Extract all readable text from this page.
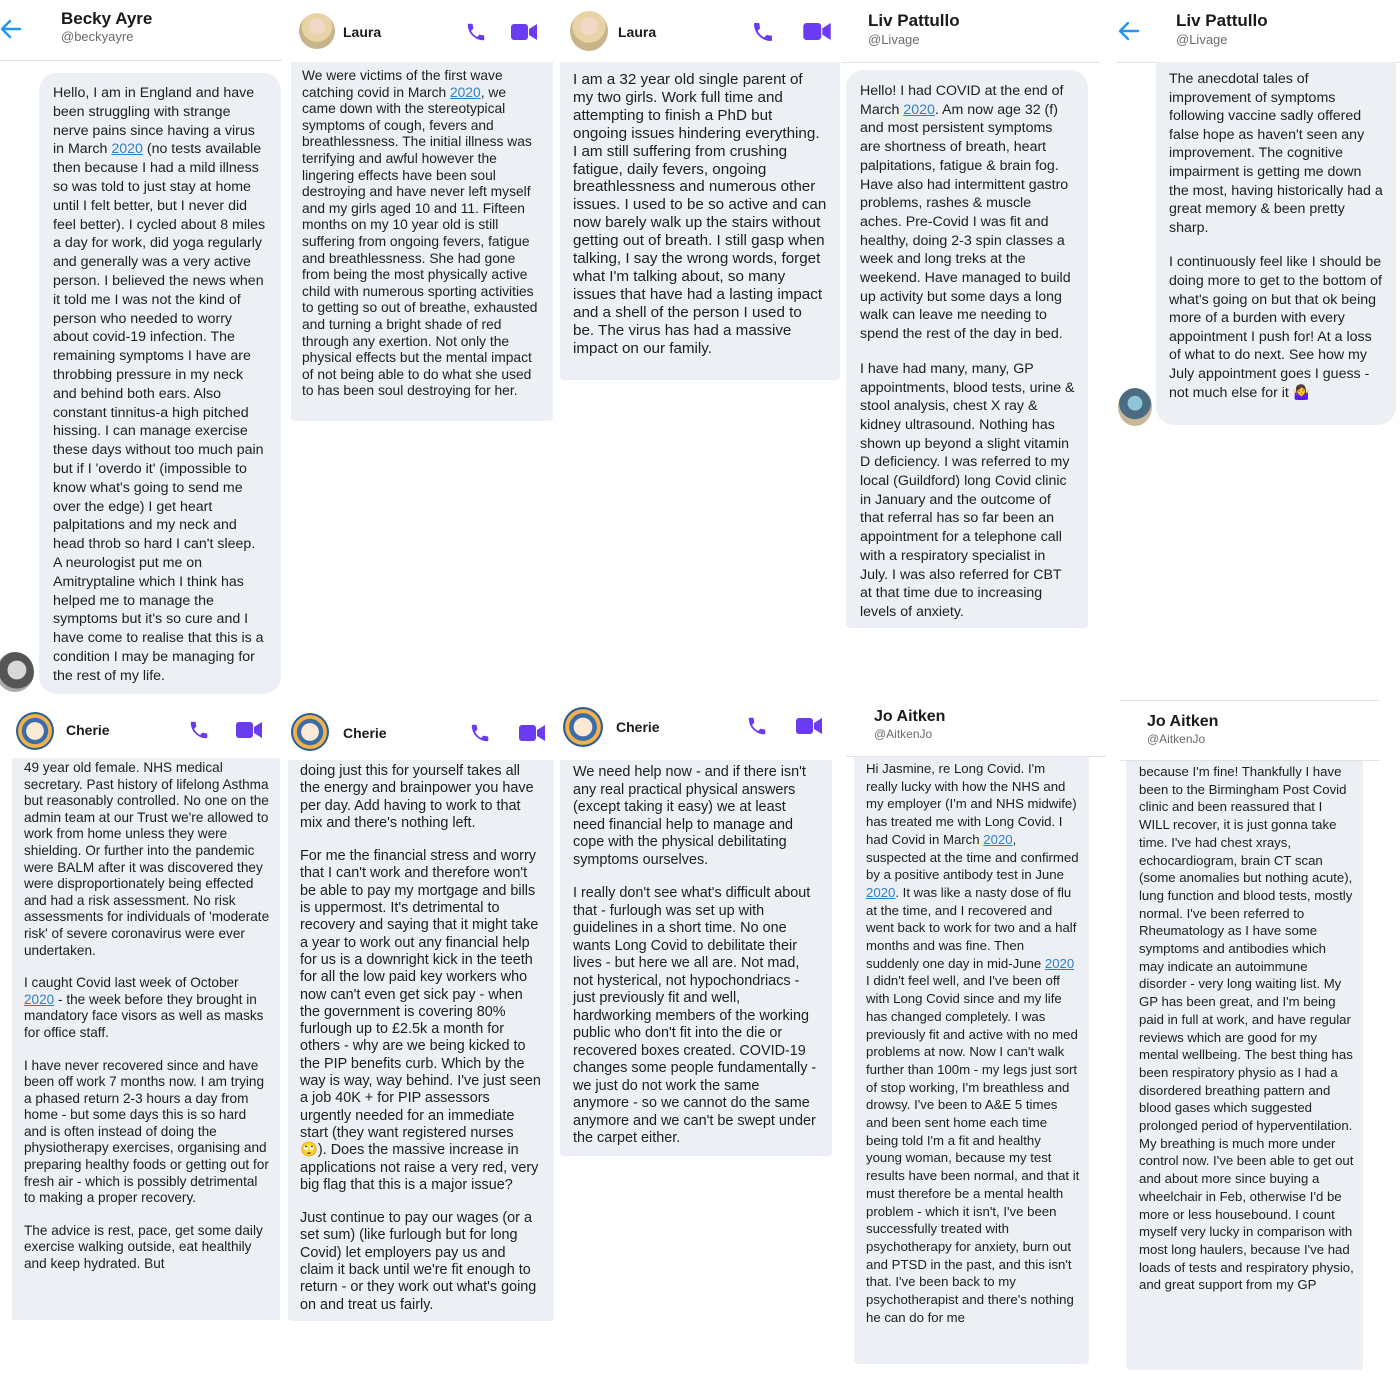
Becky Ayre
@beckyayre

Hello, I am in England and have been struggling with strange nerve pains since having a virus in March 2020 (no tests available then because I had a mild illness so was told to just stay at home until I felt better, but I never did feel better). I cycled about 8 miles a day for work, did yoga regularly and generally was a very active person. I believed the news when it told me I was not the kind of person who needed to worry about covid-19 infection. The remaining symptoms I have are throbbing pressure in my neck and behind both ears. Also constant tinnitus-a high pitched hissing. I can manage exercise these days without too much pain but if I 'overdo it' (impossible to know what's going to send me over the edge) I get heart palpitations and my neck and head throb so hard I can't sleep. A neurologist put me on Amitryptaline which I think has helped me to manage the symptoms but it's so cure and I have come to realise that this is a condition I may be managing for the rest of my life.

Laura

We were victims of the first wave catching covid in March 2020, we came down with the stereotypical symptoms of cough, fevers and breathlessness. The initial illness was terrifying and awful however the lingering effects have been soul destroying and have never left myself and my girls aged 10 and 11. Fifteen months on my 10 year old is still suffering from ongoing fevers, fatigue and breathlessness. She had gone from being the most physically active child with numerous sporting activities to getting so out of breathe, exhausted and turning a bright shade of red through any exertion. Not only the physical effects but the mental impact of not being able to do what she used to has been soul destroying for her.

Laura

I am a 32 year old single parent of my two girls. Work full time and attempting to finish a PhD but ongoing issues hindering everything. I am still suffering from crushing fatigue, daily fevers, ongoing breathlessness and numerous other issues. I used to be so active and can now barely walk up the stairs without getting out of breath. I still gasp when talking, I say the wrong words, forget what I'm talking about, so many issues that have had a lasting impact and a shell of the person I used to be. The virus has had a massive impact on our family.

Liv Pattullo
@Livage

Hello! I had COVID at the end of March 2020. Am now age 32 (f) and most persistent symptoms are shortness of breath, heart palpitations, fatigue & brain fog. Have also had intermittent gastro problems, rashes & muscle aches. Pre-Covid I was fit and healthy, doing 2-3 spin classes a week and long treks at the weekend. Have managed to build up activity but some days a long walk can leave me needing to spend the rest of the day in bed.

I have had many, many, GP appointments, blood tests, urine & stool analysis, chest X ray & kidney ultrasound. Nothing has shown up beyond a slight vitamin D deficiency. I was referred to my local (Guildford) long Covid clinic in January and the outcome of that referral has so far been an appointment for a telephone call with a respiratory specialist in July. I was also referred for CBT at that time due to increasing levels of anxiety.

Liv Pattullo
@Livage

The anecdotal tales of improvement of symptoms following vaccine sadly offered false hope as haven't seen any improvement. The cognitive impairment is getting me down the most, having historically had a great memory & been pretty sharp.

I continuously feel like I should be doing more to get to the bottom of what's going on but that ok being more of a burden with every appointment I push for! At a loss of what to do next. See how my July appointment goes I guess - not much else for it 🤷‍♀️

Cherie

49 year old female. NHS medical secretary. Past history of lifelong Asthma but reasonably controlled. No one on the admin team at our Trust we're allowed to work from home unless they were shielding. Or further into the pandemic were BALM after it was discovered they were disproportionately being effected and had a risk assessment. No risk assessments for individuals of 'moderate risk' of severe coronavirus were ever undertaken.

I caught Covid last week of October 2020 - the week before they brought in mandatory face visors as well as masks for office staff.

I have never recovered since and have been off work 7 months now. I am trying a phased return 2-3 hours a day from home - but some days this is so hard and is often instead of doing the physiotherapy exercises, organising and preparing healthy foods or getting out for fresh air - which is possibly detrimental to making a proper recovery.

The advice is rest, pace, get some daily exercise walking outside, eat healthily and keep hydrated. But

Cherie

doing just this for yourself takes all the energy and brainpower you have per day. Add having to work to that mix and there's nothing left.

For me the financial stress and worry that I can't work and therefore won't be able to pay my mortgage and bills is uppermost. It's detrimental to recovery and saying that it might take a year to work out any financial help for us is a downright kick in the teeth for all the low paid key workers who now can't even get sick pay - when the government is covering 80% furlough up to £2.5k a month for others - why are we being kicked to the PIP benefits curb. Which by the way is way, way behind. I've just seen a job 40K + for PIP assessors urgently needed for an immediate start (they want registered nurses 🙄). Does the massive increase in applications not raise a very red, very big flag that this is a major issue?

Just continue to pay our wages (or a set sum) (like furlough but for long Covid) let employers pay us and claim it back until we're fit enough to return - or they work out what's going on and treat us fairly.

Cherie

We need help now - and if there isn't any real practical physical answers (except taking it easy) we at least need financial help to manage and cope with the physical debilitating symptoms ourselves.

I really don't see what's difficult about that - furlough was set up with guidelines in a short time. No one wants Long Covid to debilitate their lives - but here we all are. Not mad, not hysterical, not hypochondriacs - just previously fit and well, hardworking members of the working public who don't fit into the die or recovered boxes created. COVID-19 changes some people fundamentally - we just do not work the same anymore - so we cannot do the same anymore and we can't be swept under the carpet either.

Jo Aitken
@AitkenJo

Hi Jasmine, re Long Covid. I'm really lucky with how the NHS and my employer (I'm and NHS midwife) has treated me with Long Covid. I had Covid in March 2020, suspected at the time and confirmed by a positive antibody test in June 2020. It was like a nasty dose of flu at the time, and I recovered and went back to work for two and a half months and was fine. Then suddenly one day in mid-June 2020 I didn't feel well, and I've been off with Long Covid since and my life has changed completely. I was previously fit and active with no med problems at now. Now I can't walk further than 100m - my legs just sort of stop working, I'm breathless and drowsy. I've been to A&E 5 times and been sent home each time being told I'm a fit and healthy young woman, because my test results have been normal, and that it must therefore be a mental health problem - which it isn't, I've been successfully treated with psychotherapy for anxiety, burn out and PTSD in the past, and this isn't that. I've been back to my psychotherapist and there's nothing he can do for me

Jo Aitken
@AitkenJo

because I'm fine! Thankfully I have been to the Birmingham Post Covid clinic and been reassured that I WILL recover, it is just gonna take time. I've had chest xrays, echocardiogram, brain CT scan (some anomalies but nothing acute), lung function and blood tests, mostly normal. I've been referred to Rheumatology as I have some symptoms and antibodies which may indicate an autoimmune disorder - very long waiting list. My GP has been great, and I'm being paid in full at work, and have regular reviews which are good for my mental wellbeing. The best thing has been respiratory physio as I had a disordered breathing pattern and blood gases which suggested prolonged period of hyperventilation. My breathing is much more under control now. I've been able to get out and about more since buying a wheelchair in Feb, otherwise I'd be more or less housebound. I count myself very lucky in comparison with most long haulers, because I've had loads of tests and respiratory physio, and great support from my GP
